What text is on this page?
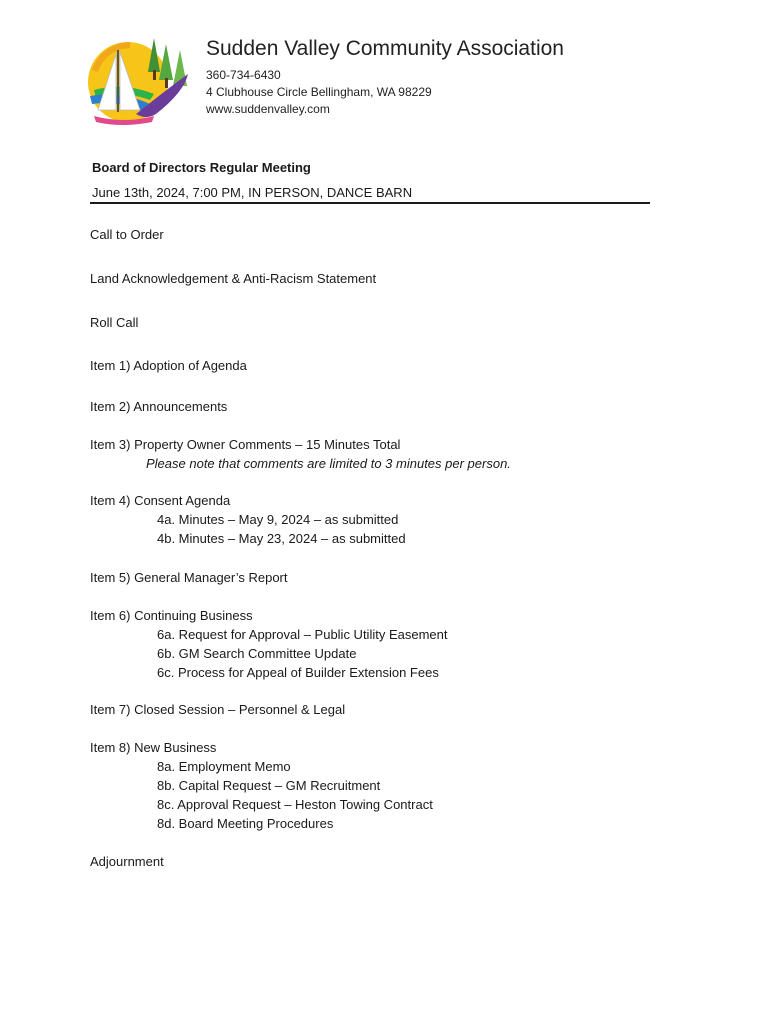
Sudden Valley Community Association
360-734-6430
4 Clubhouse Circle Bellingham, WA 98229
www.suddenvalley.com
Board of Directors Regular Meeting
June 13th, 2024, 7:00 PM, IN PERSON, DANCE BARN
Call to Order
Land Acknowledgement & Anti-Racism Statement
Roll Call
Item 1) Adoption of Agenda
Item 2) Announcements
Item 3) Property Owner Comments – 15 Minutes Total
Please note that comments are limited to 3 minutes per person.
Item 4) Consent Agenda
4a. Minutes – May 9, 2024 – as submitted
4b. Minutes – May 23, 2024 – as submitted
Item 5) General Manager’s Report
Item 6) Continuing Business
6a. Request for Approval – Public Utility Easement
6b. GM Search Committee Update
6c. Process for Appeal of Builder Extension Fees
Item 7) Closed Session – Personnel & Legal
Item 8) New Business
8a. Employment Memo
8b. Capital Request – GM Recruitment
8c. Approval Request – Heston Towing Contract
8d. Board Meeting Procedures
Adjournment
